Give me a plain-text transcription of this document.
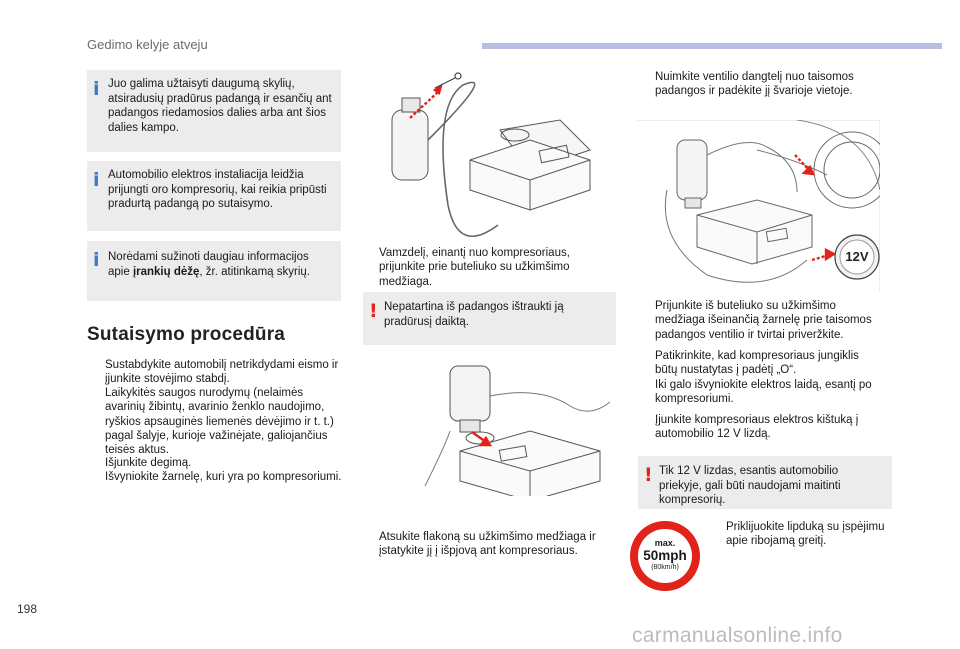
Gedimo kelyje atveju
i Juo galima užtaisyti daugumą skylių, atsiradusių pradūrus padangą ir esančių ant padangos riedamosios dalies arba ant šios dalies kampo.
i Automobilio elektros instaliacija leidžia prijungti oro kompresorių, kai reikia pripūsti pradurtą padangą po sutaisymo.
i Norėdami sužinoti daugiau informacijos apie įrankių dėžę, žr. atitinkamą skyrių.
Sutaisymo procedūra
Sustabdykite automobilį netrikdydami eismo ir įjunkite stovėjimo stabdį.
Laikykitės saugos nurodymų (nelaimės avarinių žibintų, avarinio ženklo naudojimo, ryškios apsauginės liemenės dėvėjimo ir t. t.) pagal šalyje, kurioje važinėjate, galiojančius teisės aktus.
Išjunkite degimą.
Išvyniokite žarnelę, kuri yra po kompresoriumi.
Vamzdelį, einantį nuo kompresoriaus, prijunkite prie buteliuko su užkimšimo medžiaga.
! Nepatartina iš padangos ištraukti ją pradūrusį daiktą.
Atsukite flakoną su užkimšimo medžiaga ir įstatykite jį į išpjovą ant kompresoriaus.
Nuimkite ventilio dangtelį nuo taisomos padangos ir padėkite jį švarioje vietoje.
12V
Prijunkite iš buteliuko su užkimšimo medžiaga išeinančią žarnelę prie taisomos padangos ventilio ir tvirtai priveržkite.
Patikrinkite, kad kompresoriaus jungiklis būtų nustatytas į padėtį „O“.
Iki galo išvyniokite elektros laidą, esantį po kompresoriumi.
Įjunkite kompresoriaus elektros kištuką į automobilio 12 V lizdą.
! Tik 12 V lizdas, esantis automobilio priekyje, gali būti naudojami maitinti kompresorių.
max.
50mph
(80km/h)
Priklijuokite lipduką su įspėjimu apie ribojamą greitį.
198
carmanualsonline.info
